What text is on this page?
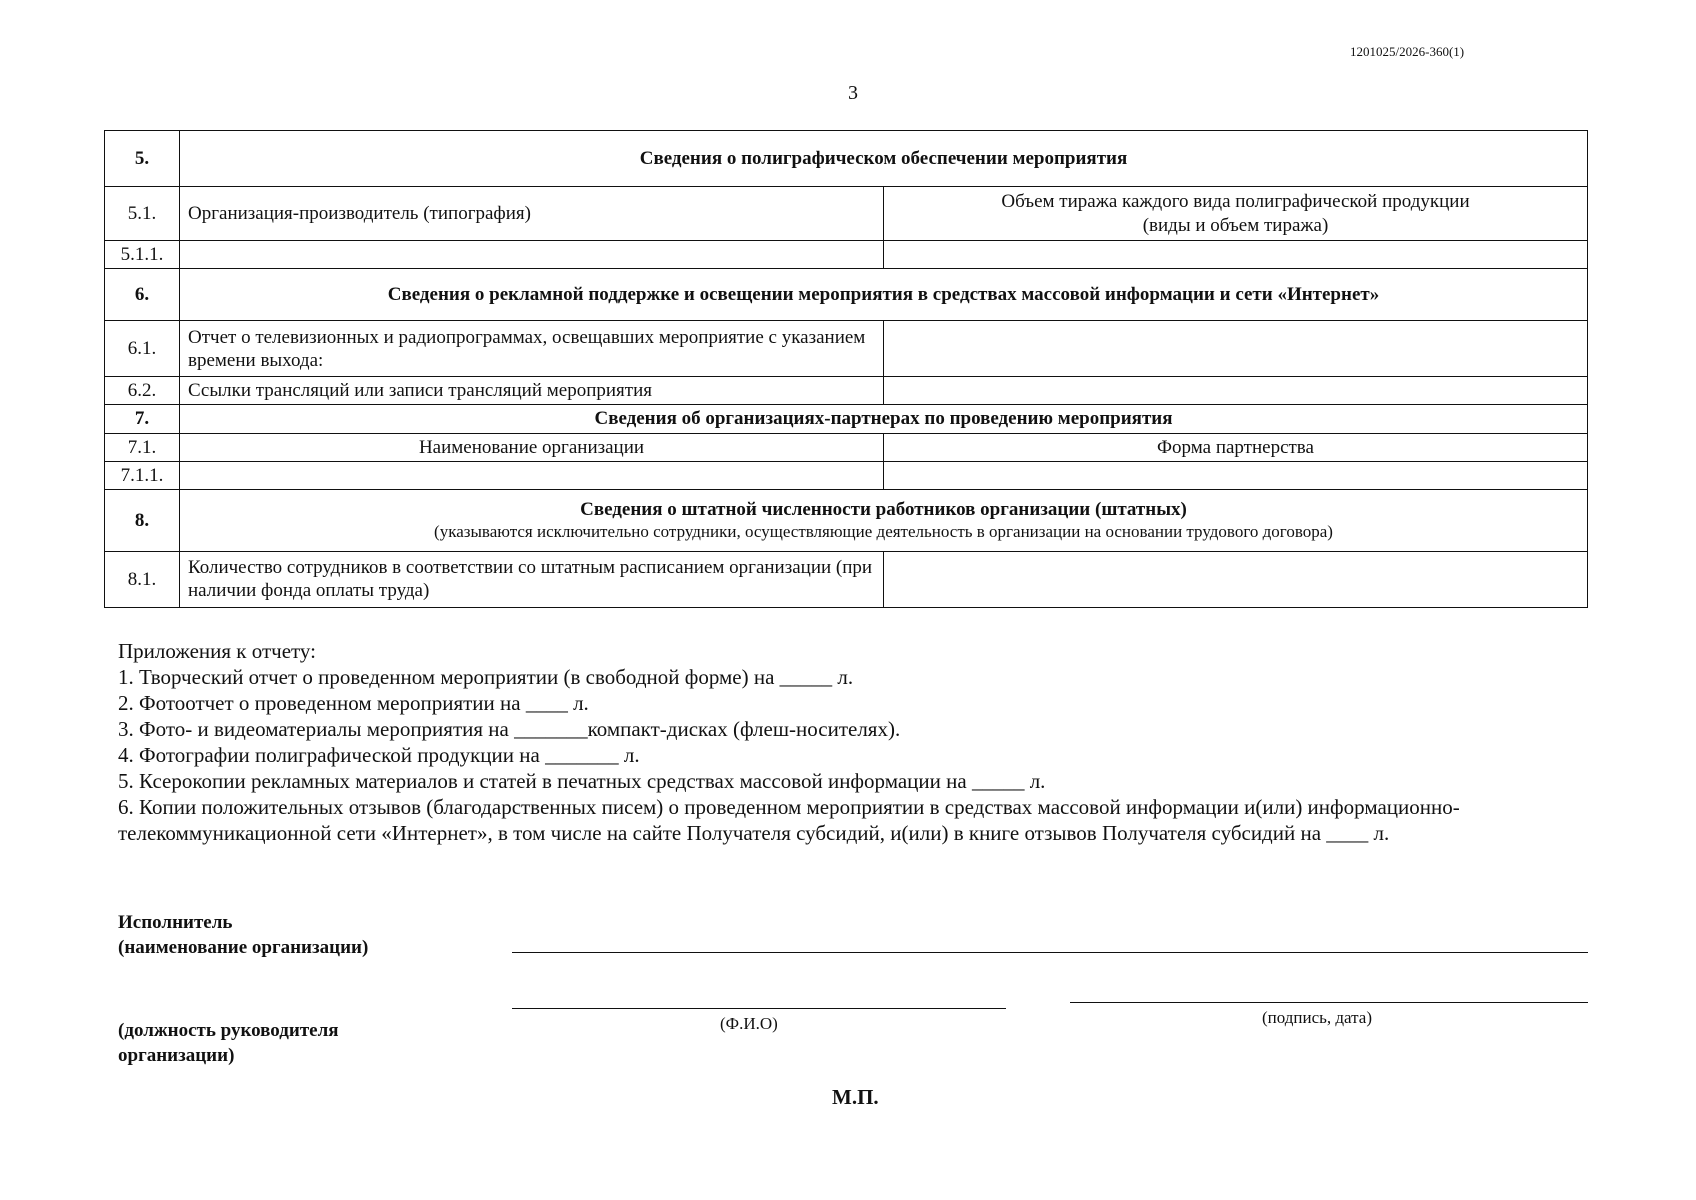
1201025/2026-360(1)
3
5.	Сведения о полиграфическом обеспечении мероприятия	
5.1.	Организация-производитель (типография)	Объем тиража каждого вида полиграфической продукции
(виды и объем тиража)

5.1.1.		
6.	Сведения о рекламной поддержке и освещении мероприятия в средствах массовой информации и сети «Интернет»	
6.1.	Отчет о телевизионных и радиопрограммах, освещавших мероприятие с указанием времени выхода:	
6.2.	Ссылки трансляций или записи трансляций мероприятия	
7.	Сведения об организациях-партнерах по проведению мероприятия	
7.1.	Наименование организации	Форма партнерства
7.1.1.		
8.	Сведения о штатной численности работников организации (штатных)
(указываются исключительно сотрудники, осуществляющие деятельность в организации на основании трудового договора)	

8.1.	Количество сотрудников в соответствии со штатным расписанием организации (при наличии фонда оплаты труда)	

Приложения к отчету:

1. Творческий отчет о проведенном мероприятии (в свободной форме) на _____ л.

2. Фотоотчет о проведенном мероприятии на ____ л.

3. Фото- и видеоматериалы мероприятия на _______компакт-дисках (флеш-носителях).

4. Фотографии полиграфической продукции на _______ л.

5. Ксерокопии рекламных материалов и статей в печатных средствах массовой информации на _____ л.

6. Копии положительных отзывов (благодарственных писем) о проведенном мероприятии в средствах массовой информации и(или) информационно-телекоммуникационной сети «Интернет», в том числе на сайте Получателя субсидий, и(или) в книге отзывов Получателя субсидий на ____ л.

Исполнитель
(наименование организации)
(Ф.И.О)	(подпись, дата)
(должность руководителя
организации)
М.П.
